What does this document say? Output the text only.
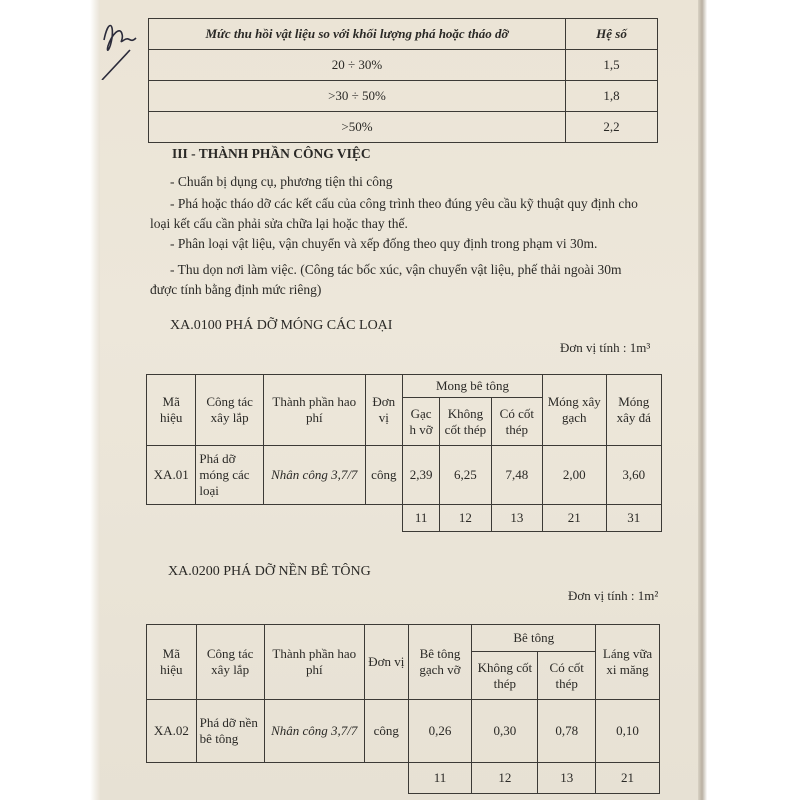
Mức thu hồi vật liệu so với khối lượng phá hoặc tháo dỡ	Hệ số
20 ÷ 30%	1,5
>30 ÷ 50%	1,8
>50%	2,2
III - THÀNH PHẦN CÔNG VIỆC
- Chuẩn bị dụng cụ, phương tiện thi công
- Phá hoặc tháo dỡ các kết cấu của công trình theo đúng yêu cầu kỹ thuật quy định cho
loại kết cấu cần phải sửa chữa lại hoặc thay thế.
- Phân loại vật liệu, vận chuyển và xếp đống theo quy định trong phạm vi 30m.
- Thu dọn nơi làm việc. (Công tác bốc xúc, vận chuyển vật liệu, phế thải ngoài 30m
được tính bằng định mức riêng)
XA.0100 PHÁ DỠ MÓNG CÁC LOẠI
Đơn vị tính : 1m³
Mã hiệu	Công tác xây lắp	Thành phần hao phí	Đơn vị	Mong bê tông			Móng xây gạch	Móng xây đá
				Gạc h vỡ	Không cốt thép	Có cốt thép		
XA.01	Phá dỡ móng các loại	Nhân công 3,7/7	công	2,39	6,25	7,48	2,00	3,60
				11	12	13	21	31
XA.0200 PHÁ DỠ NỀN BÊ TÔNG
Đơn vị tính : 1m²
Mã hiệu	Công tác xây lắp	Thành phần hao phí	Đơn vị	Bê tông gạch vỡ	Bê tông		Láng vữa xi măng
					Không cốt thép	Có cốt thép	
XA.02	Phá dỡ nền bê tông	Nhân công 3,7/7	công	0,26	0,30	0,78	0,10
				11	12	13	21
